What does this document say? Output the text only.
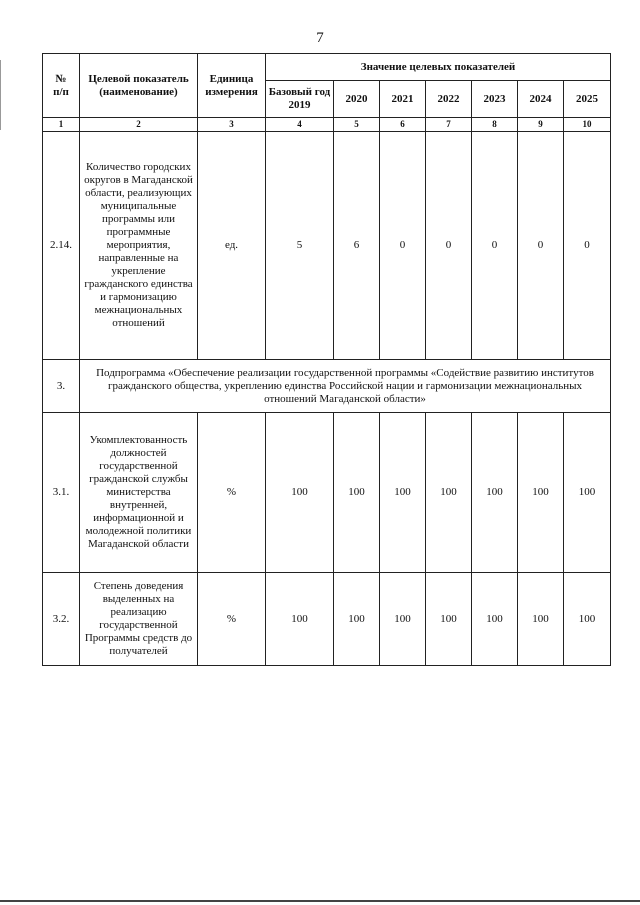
7
№
п/п	Целевой показатель (наименование)	Единица измерения	Значение целевых показателей						
			Базовый год 2019	2020	2021	2022	2023	2024	2025
1	2	3	4	5	6	7	8	9	10
2.14.	Количество городских округов в Магаданской области, реализующих муниципальные программы или программные мероприятия, направленные на укрепление гражданского единства и гармонизацию межнациональных отношений	ед.	5	6	0	0	0	0	0
3.	Подпрограмма «Обеспечение реализации государственной программы «Содействие развитию институтов гражданского общества, укреплению единства Российской нации и гармонизации межнациональных отношений Магаданской области»								
3.1.	Укомплектованность должностей государственной гражданской службы министерства внутренней, информационной и молодежной политики Магаданской области	%	100	100	100	100	100	100	100
3.2.	Степень доведения выделенных на реализацию государственной Программы средств до получателей	%	100	100	100	100	100	100	100
